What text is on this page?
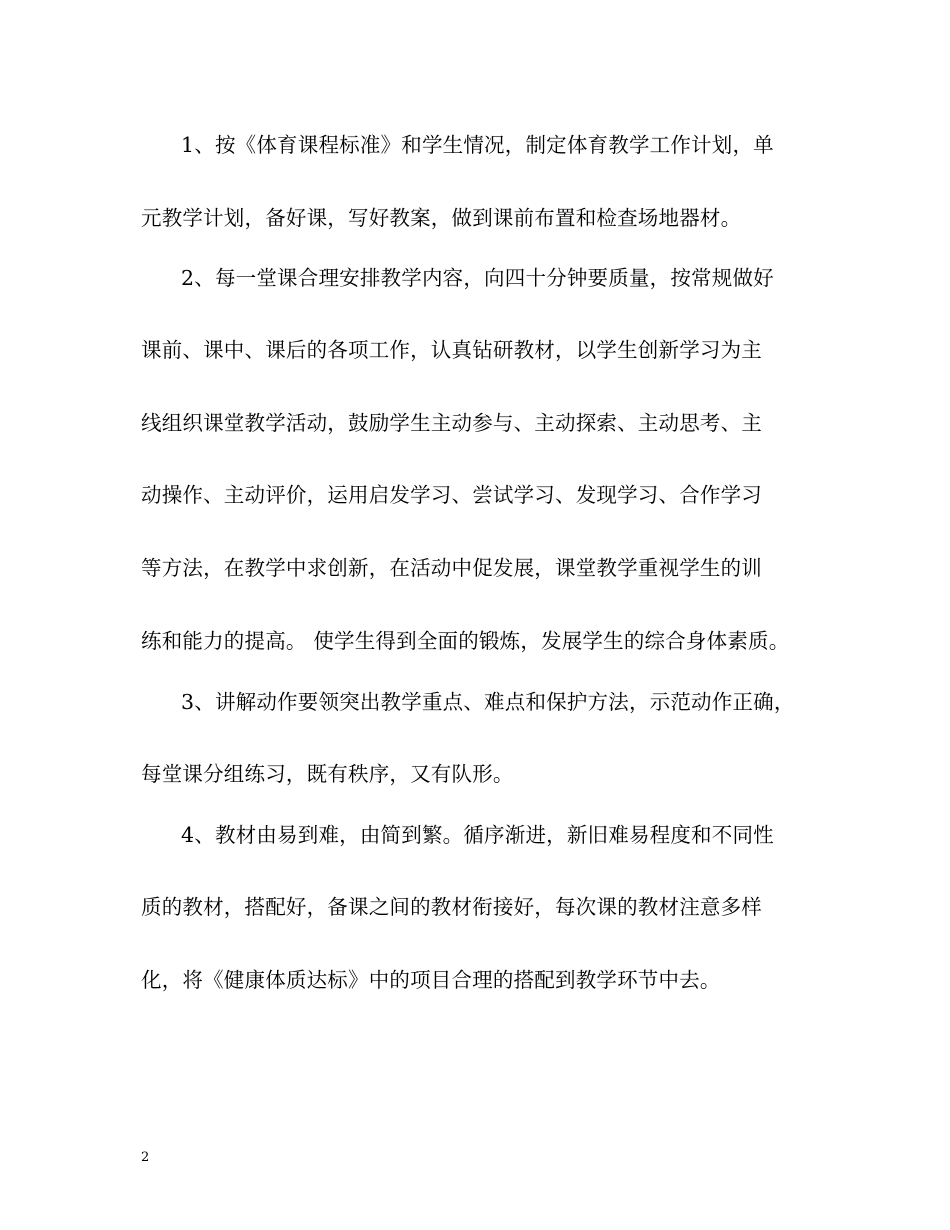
1、按《体育课程标准》和学生情况，制定体育教学工作计划，单
元教学计划，备好课，写好教案，做到课前布置和检查场地器材。
2、每一堂课合理安排教学内容，向四十分钟要质量，按常规做好
课前、课中、课后的各项工作，认真钻研教材，以学生创新学习为主
线组织课堂教学活动，鼓励学生主动参与、主动探索、主动思考、主
动操作、主动评价，运用启发学习、尝试学习、发现学习、合作学习
等方法，在教学中求创新，在活动中促发展，课堂教学重视学生的训
练和能力的提高。 使学生得到全面的锻炼，发展学生的综合身体素质。
3、讲解动作要领突出教学重点、难点和保护方法，示范动作正确，
每堂课分组练习，既有秩序，又有队形。
4、教材由易到难，由简到繁。循序渐进，新旧难易程度和不同性
质的教材，搭配好，备课之间的教材衔接好，每次课的教材注意多样
化，将《健康体质达标》中的项目合理的搭配到教学环节中去。
2
